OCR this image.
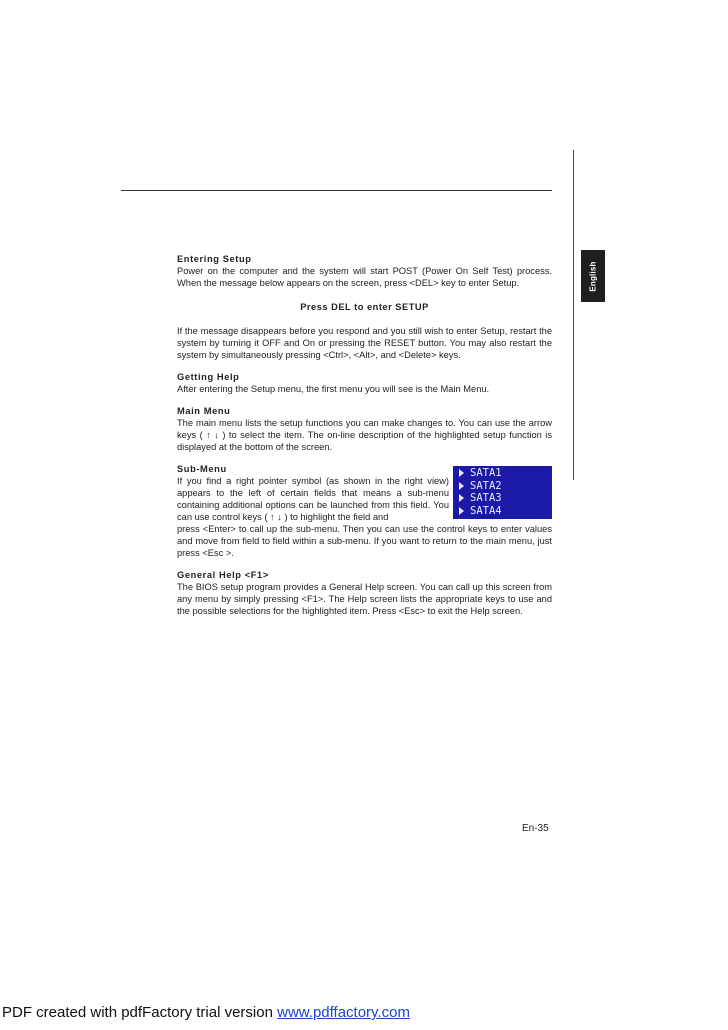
English

Entering Setup

Power on the computer and the system will start POST (Power On Self Test) process. When the message below appears on the screen, press <DEL> key to enter Setup.

Press DEL to enter SETUP

If the message disappears before you respond and you still wish to enter Setup, restart the system by turning it OFF and On or pressing the RESET button. You may also restart the system by simultaneously pressing <Ctrl>, <Alt>, and <Delete> keys.

Getting Help

After entering the Setup menu, the first menu you will see is the Main Menu.

Main Menu

The main menu lists the setup functions you can make changes to. You can use the arrow keys ( ↑ ↓ ) to select the item. The on-line description of the highlighted setup function is displayed at the bottom of the screen.

Sub-Menu

If you find a right pointer symbol (as shown in the right view) appears to the left of certain fields that means a sub-menu containing additional options can be launched from this field. You can use control keys ( ↑ ↓ ) to highlight the field and

press <Enter> to call up the sub-menu. Then you can use the control keys to enter values and move from field to field within a sub-menu. If you want to return to the main menu, just press <Esc >.

General Help <F1>

The BIOS setup program provides a General Help screen. You can call up this screen from any menu by simply pressing <F1>. The Help screen lists the appropriate keys to use and the possible selections for the highlighted item. Press <Esc> to exit the Help screen.

SATA1
SATA2
SATA3
SATA4
En-35
PDF created with pdfFactory trial version www.pdffactory.com
